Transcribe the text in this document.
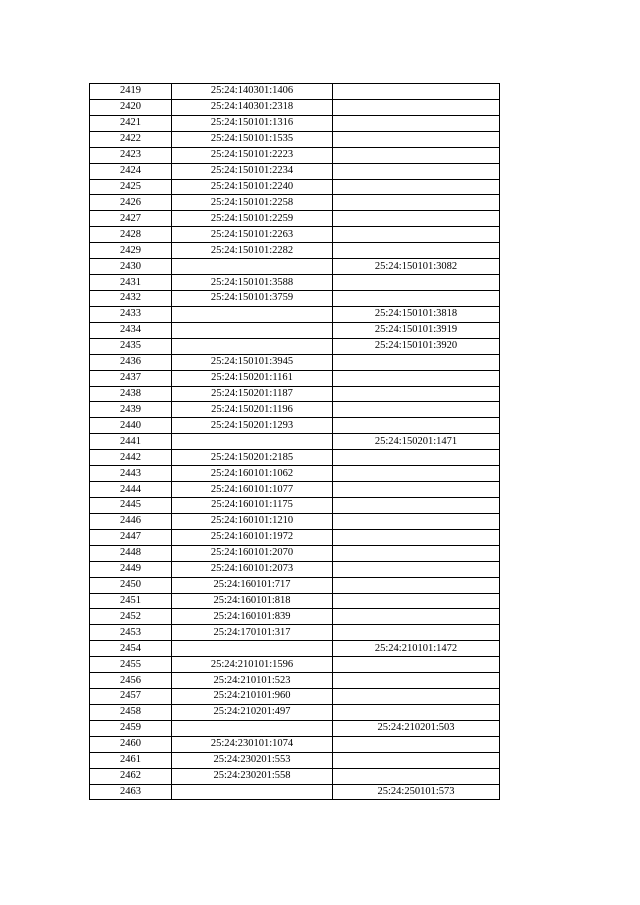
2419	25:24:140301:1406	
2420	25:24:140301:2318	
2421	25:24:150101:1316	
2422	25:24:150101:1535	
2423	25:24:150101:2223	
2424	25:24:150101:2234	
2425	25:24:150101:2240	
2426	25:24:150101:2258	
2427	25:24:150101:2259	
2428	25:24:150101:2263	
2429	25:24:150101:2282	
2430		25:24:150101:3082
2431	25:24:150101:3588	
2432	25:24:150101:3759	
2433		25:24:150101:3818
2434		25:24:150101:3919
2435		25:24:150101:3920
2436	25:24:150101:3945	
2437	25:24:150201:1161	
2438	25:24:150201:1187	
2439	25:24:150201:1196	
2440	25:24:150201:1293	
2441		25:24:150201:1471
2442	25:24:150201:2185	
2443	25:24:160101:1062	
2444	25:24:160101:1077	
2445	25:24:160101:1175	
2446	25:24:160101:1210	
2447	25:24:160101:1972	
2448	25:24:160101:2070	
2449	25:24:160101:2073	
2450	25:24:160101:717	
2451	25:24:160101:818	
2452	25:24:160101:839	
2453	25:24:170101:317	
2454		25:24:210101:1472
2455	25:24:210101:1596	
2456	25:24:210101:523	
2457	25:24:210101:960	
2458	25:24:210201:497	
2459		25:24:210201:503
2460	25:24:230101:1074	
2461	25:24:230201:553	
2462	25:24:230201:558	
2463		25:24:250101:573
